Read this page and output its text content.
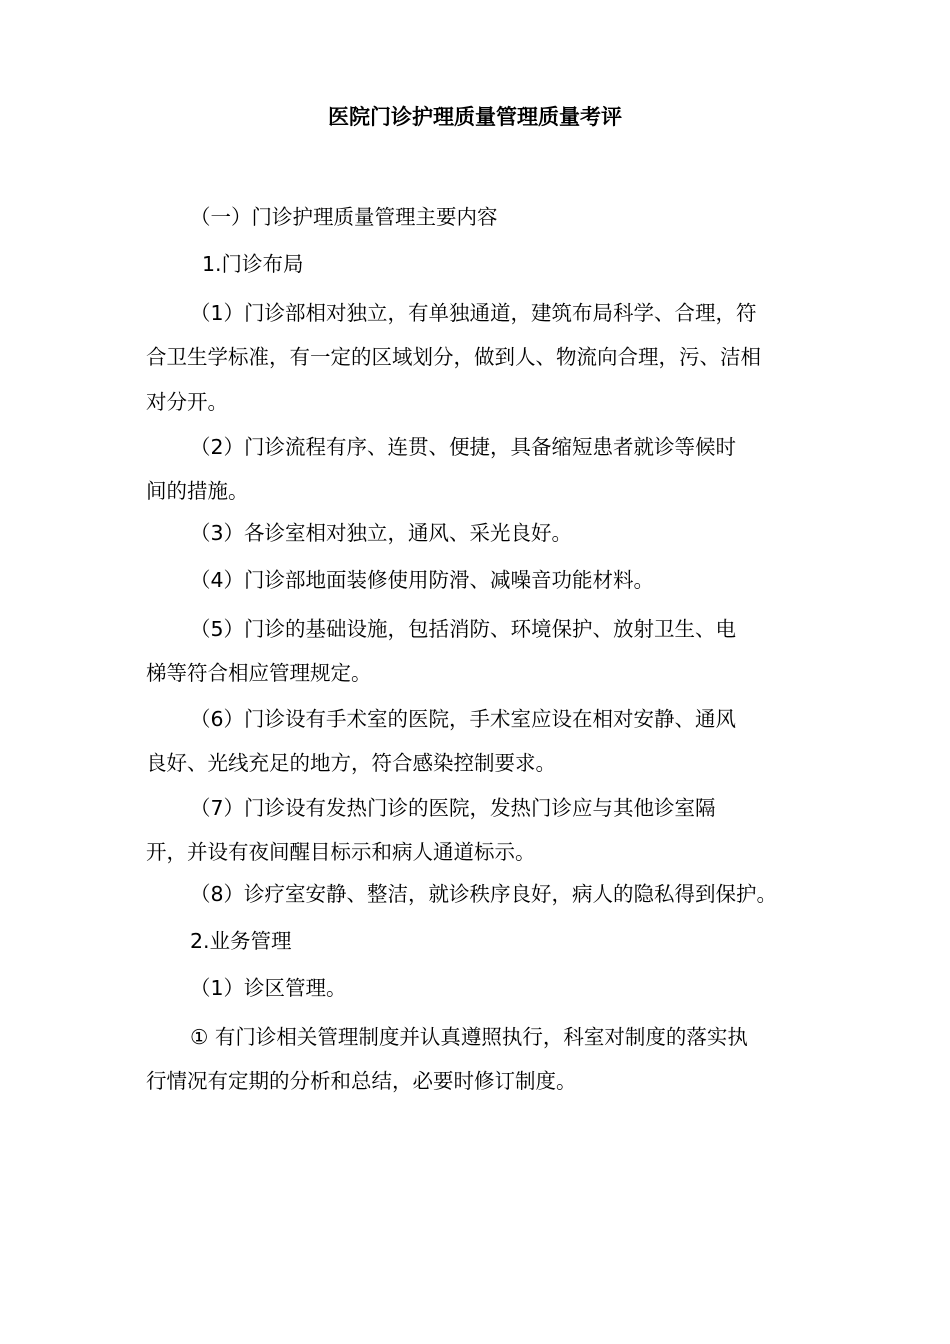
医院门诊护理质量管理质量考评
（一）门诊护理质量管理主要内容
1.门诊布局
（1）门诊部相对独立，有单独通道，建筑布局科学、合理，符
合卫生学标准，有一定的区域划分，做到人、物流向合理，污、洁相
对分开。
（2）门诊流程有序、连贯、便捷，具备缩短患者就诊等候时
间的措施。
（3）各诊室相对独立，通风、采光良好。
（4）门诊部地面装修使用防滑、减噪音功能材料。
（5）门诊的基础设施，包括消防、环境保护、放射卫生、电
梯等符合相应管理规定。
（6）门诊设有手术室的医院，手术室应设在相对安静、通风
良好、光线充足的地方，符合感染控制要求。
（7）门诊设有发热门诊的医院，发热门诊应与其他诊室隔
开，并设有夜间醒目标示和病人通道标示。
（8）诊疗室安静、整洁，就诊秩序良好，病人的隐私得到保护。
2.业务管理
（1）诊区管理。
① 有门诊相关管理制度并认真遵照执行，科室对制度的落实执
行情况有定期的分析和总结，必要时修订制度。
